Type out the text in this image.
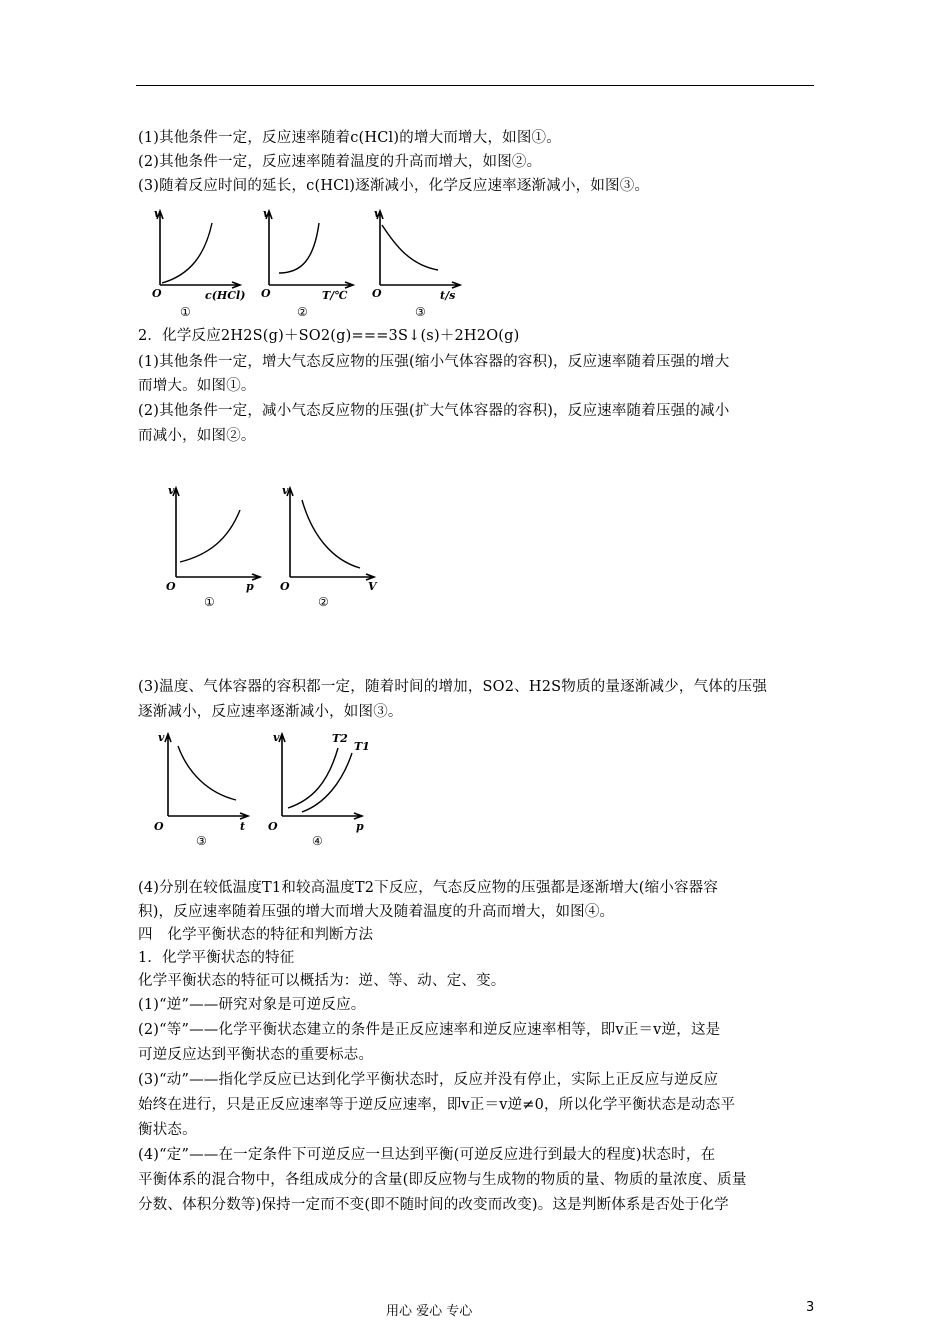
(1)其他条件一定，反应速率随着c(HCl)的增大而增大，如图①。
(2)其他条件一定，反应速率随着温度的升高而增大，如图②。
(3)随着反应时间的延长，c(HCl)逐渐减小，化学反应速率逐渐减小，如图③。
v
O	c(HCl)
①
v
O	T/℃
②
v
O	t/s
③
2．化学反应2H2S(g)＋SO2(g)===3S↓(s)＋2H2O(g)
(1)其他条件一定，增大气态反应物的压强(缩小气体容器的容积)，反应速率随着压强的增大
而增大。如图①。
(2)其他条件一定，减小气态反应物的压强(扩大气体容器的容积)，反应速率随着压强的减小
而减小，如图②。
v
O	p
①
v
O	V
②
(3)温度、气体容器的容积都一定，随着时间的增加，SO2、H2S物质的量逐渐减少，气体的压强
逐渐减小，反应速率逐渐减小，如图③。
v
O	t
③
v
O	p
T2
T1
④
(4)分别在较低温度T1和较高温度T2下反应，气态反应物的压强都是逐渐增大(缩小容器容
积)，反应速率随着压强的增大而增大及随着温度的升高而增大，如图④。
四　化学平衡状态的特征和判断方法
1．化学平衡状态的特征
化学平衡状态的特征可以概括为：逆、等、动、定、变。
(1)“逆”——研究对象是可逆反应。
(2)“等”——化学平衡状态建立的条件是正反应速率和逆反应速率相等，即v正＝v逆，这是
可逆反应达到平衡状态的重要标志。
(3)“动”——指化学反应已达到化学平衡状态时，反应并没有停止，实际上正反应与逆反应
始终在进行，只是正反应速率等于逆反应速率，即v正＝v逆≠0，所以化学平衡状态是动态平
衡状态。
(4)“定”——在一定条件下可逆反应一旦达到平衡(可逆反应进行到最大的程度)状态时，在
平衡体系的混合物中，各组成成分的含量(即反应物与生成物的物质的量、物质的量浓度、质量
分数、体积分数等)保持一定而不变(即不随时间的改变而改变)。这是判断体系是否处于化学
用心 爱心 专心	3
